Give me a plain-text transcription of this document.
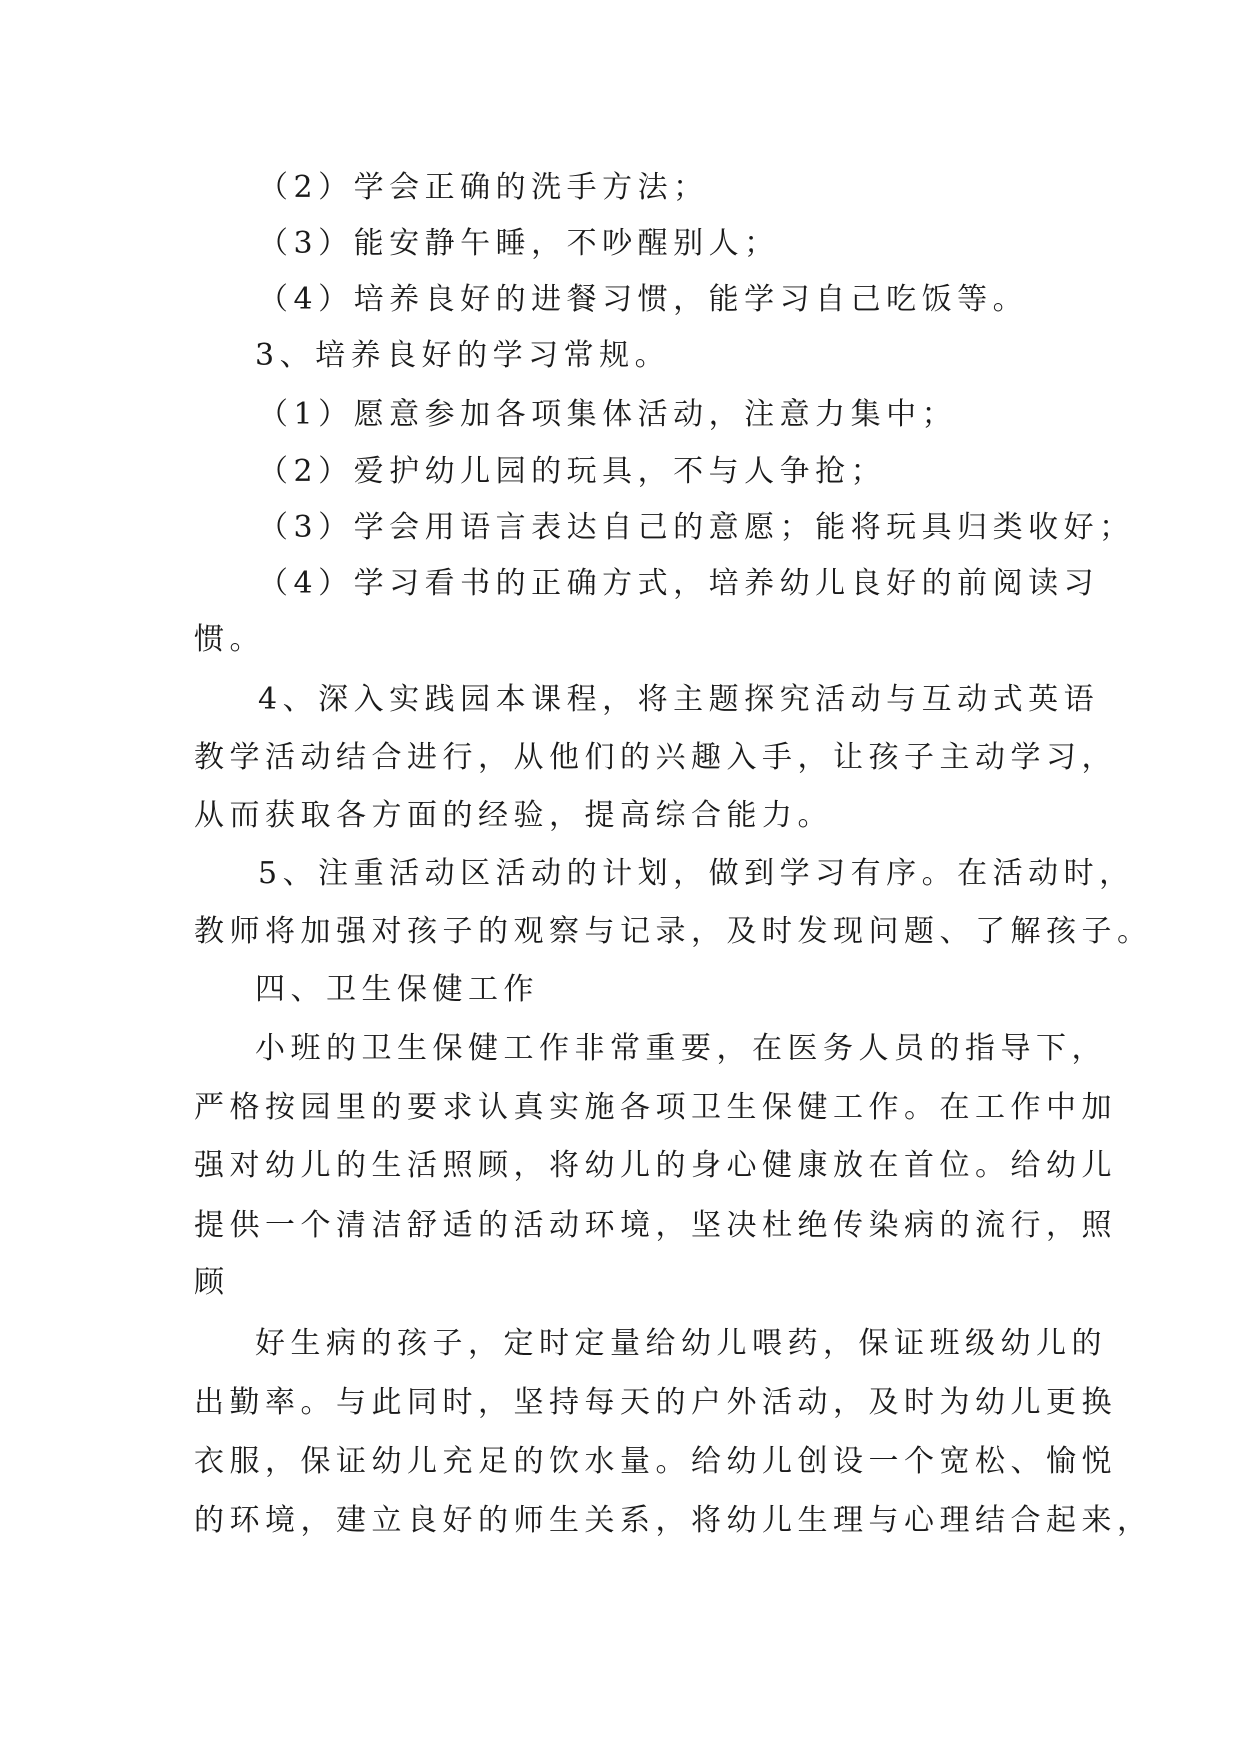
（2）学会正确的洗手方法；

（3）能安静午睡，不吵醒别人；

（4）培养良好的进餐习惯，能学习自己吃饭等。

3、培养良好的学习常规。

（1）愿意参加各项集体活动，注意力集中；

（2）爱护幼儿园的玩具，不与人争抢；

（3）学会用语言表达自己的意愿；能将玩具归类收好；

（4）学习看书的正确方式，培养幼儿良好的前阅读习

惯。

4、深入实践园本课程，将主题探究活动与互动式英语

教学活动结合进行，从他们的兴趣入手，让孩子主动学习，

从而获取各方面的经验，提高综合能力。

5、注重活动区活动的计划，做到学习有序。在活动时，

教师将加强对孩子的观察与记录，及时发现问题、了解孩子。

四、卫生保健工作

小班的卫生保健工作非常重要，在医务人员的指导下，

严格按园里的要求认真实施各项卫生保健工作。在工作中加

强对幼儿的生活照顾，将幼儿的身心健康放在首位。给幼儿

提供一个清洁舒适的活动环境，坚决杜绝传染病的流行，照

顾

好生病的孩子，定时定量给幼儿喂药，保证班级幼儿的

出勤率。与此同时，坚持每天的户外活动，及时为幼儿更换

衣服，保证幼儿充足的饮水量。给幼儿创设一个宽松、愉悦

的环境，建立良好的师生关系，将幼儿生理与心理结合起来，
